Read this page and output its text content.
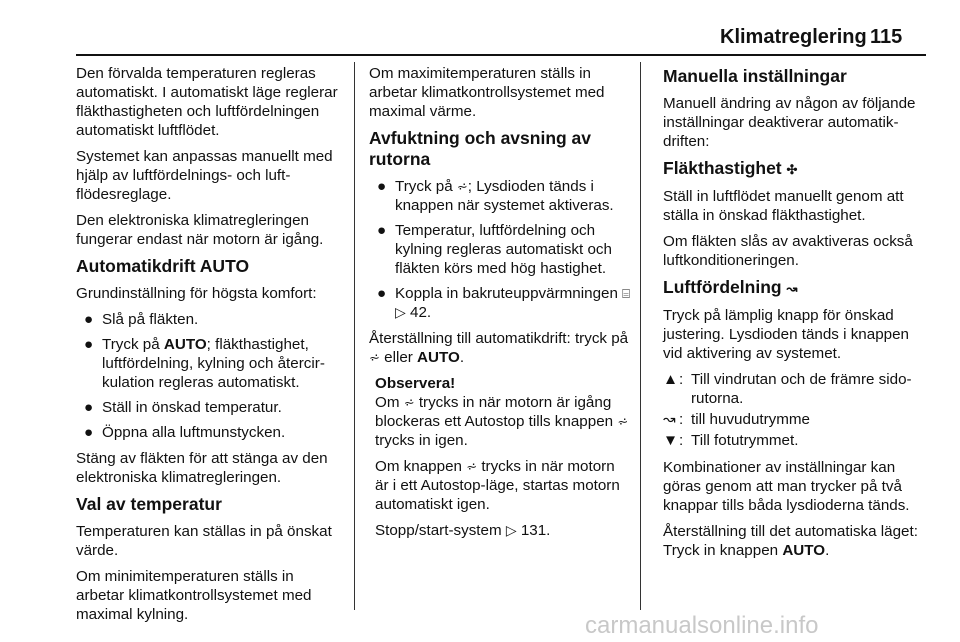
Klimatreglering 115

Den förvalda temperaturen regleras automatiskt. I automatiskt läge reglerar fläkthastigheten och luftfördelningen automatiskt luftflödet.

Systemet kan anpassas manuellt med hjälp av luftfördelnings- och luftflödesreglage.

Den elektroniska klimatregleringen fungerar endast när motorn är igång.

Automatikdrift AUTO

Grundinställning för högsta komfort:

● Slå på fläkten.
● Tryck på AUTO; fläkthastighet, luftfördelning, kylning och återcirkulation regleras automatiskt.
● Ställ in önskad temperatur.
● Öppna alla luftmunstycken.

Stäng av fläkten för att stänga av den elektroniska klimatregleringen.

Val av temperatur

Temperaturen kan ställas in på önskat värde.

Om minimitemperaturen ställs in arbetar klimatkontrollsystemet med maximal kylning.

Om maximitemperaturen ställs in arbetar klimatkontrollsystemet med maximal värme.

Avfuktning och avsning av rutorna
● Tryck på ⩫; Lysdioden tänds i knappen när systemet aktiveras.
● Temperatur, luftfördelning och kylning regleras automatiskt och fläkten körs med hög hastighet.
● Koppla in bakruteuppvärmningen ⌸ ▷ 42.

Återställning till automatikdrift: tryck på ⩫ eller AUTO.

Observera!

Om ⩫ trycks in när motorn är igång blockeras ett Autostop tills knappen ⩫ trycks in igen.

Om knappen ⩫ trycks in när motorn är i ett Autostop-läge, startas motorn automatiskt igen.

Stopp/start-system ▷ 131.

Manuella inställningar

Manuell ändring av någon av följande inställningar deaktiverar automatikdriften:

Fläkthastighet ✣

Ställ in luftflödet manuellt genom att ställa in önskad fläkthastighet.

Om fläkten slås av avaktiveras också luftkonditioneringen.

Luftfördelning ↝

Tryck på lämplig knapp för önskad justering. Lysdioden tänds i knappen vid aktivering av systemet.

▲ : Till vindrutan och de främre sidorutorna.
↝ : till huvudutrymme
▼ : Till fotutrymmet.

Kombinationer av inställningar kan göras genom att man trycker på två knappar tills båda lysdioderna tänds.

Återställning till det automatiska läget: Tryck in knappen AUTO.

carmanualsonline.info
